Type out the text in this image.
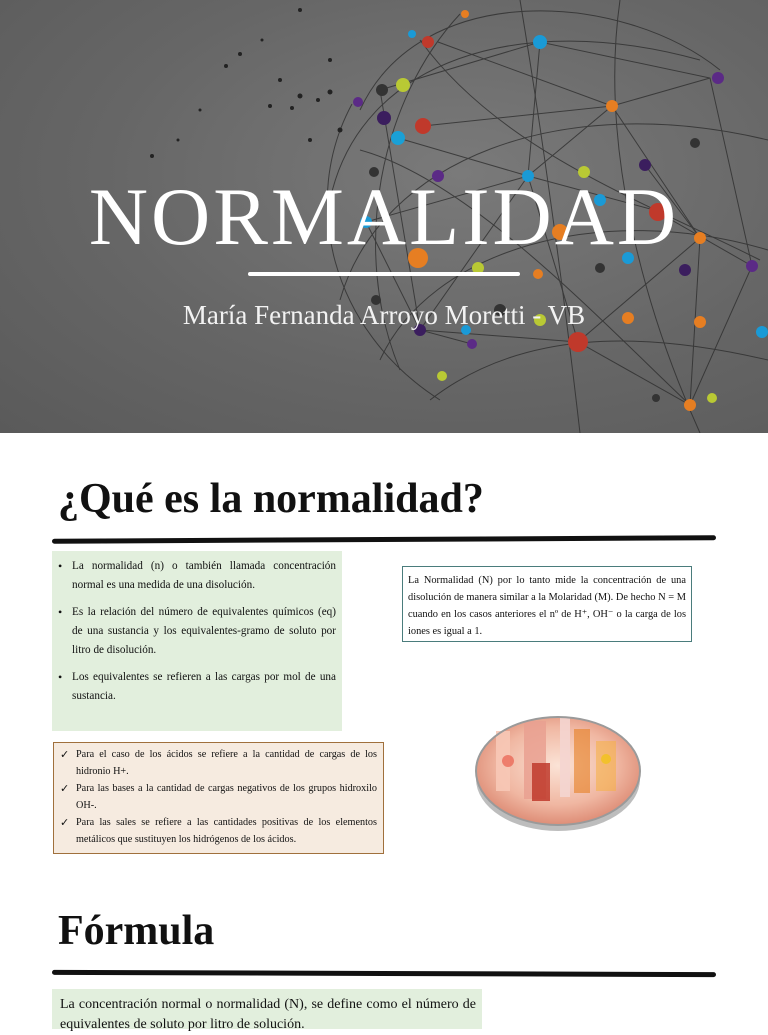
NORMALIDAD
María Fernanda Arroyo Moretti - VB
¿Qué es la normalidad?
• La normalidad (n) o también llamada concentración normal es una medida de una disolución.
• Es la relación del número de equivalentes químicos (eq) de una sustancia y los equivalentes-gramo de soluto por litro de disolución.
• Los equivalentes se refieren a las cargas por mol de una sustancia.
La Normalidad (N) por lo tanto mide la concentración de una disolución de manera similar a la Molaridad (M). De hecho N = M cuando en los casos anteriores el nº de H⁺, OH⁻ o la carga de los iones es igual a 1.
✓ Para el caso de los ácidos se refiere a la cantidad de cargas de los hidronio H+.
✓ Para las bases a la cantidad de cargas negativos de los grupos hidroxilo OH-.
✓ Para las sales se refiere a las cantidades positivas de los elementos metálicos que sustituyen los hidrógenos de los ácidos.
Fórmula
La concentración normal o normalidad (N), se define como el número de equivalentes de soluto por litro de solución.
